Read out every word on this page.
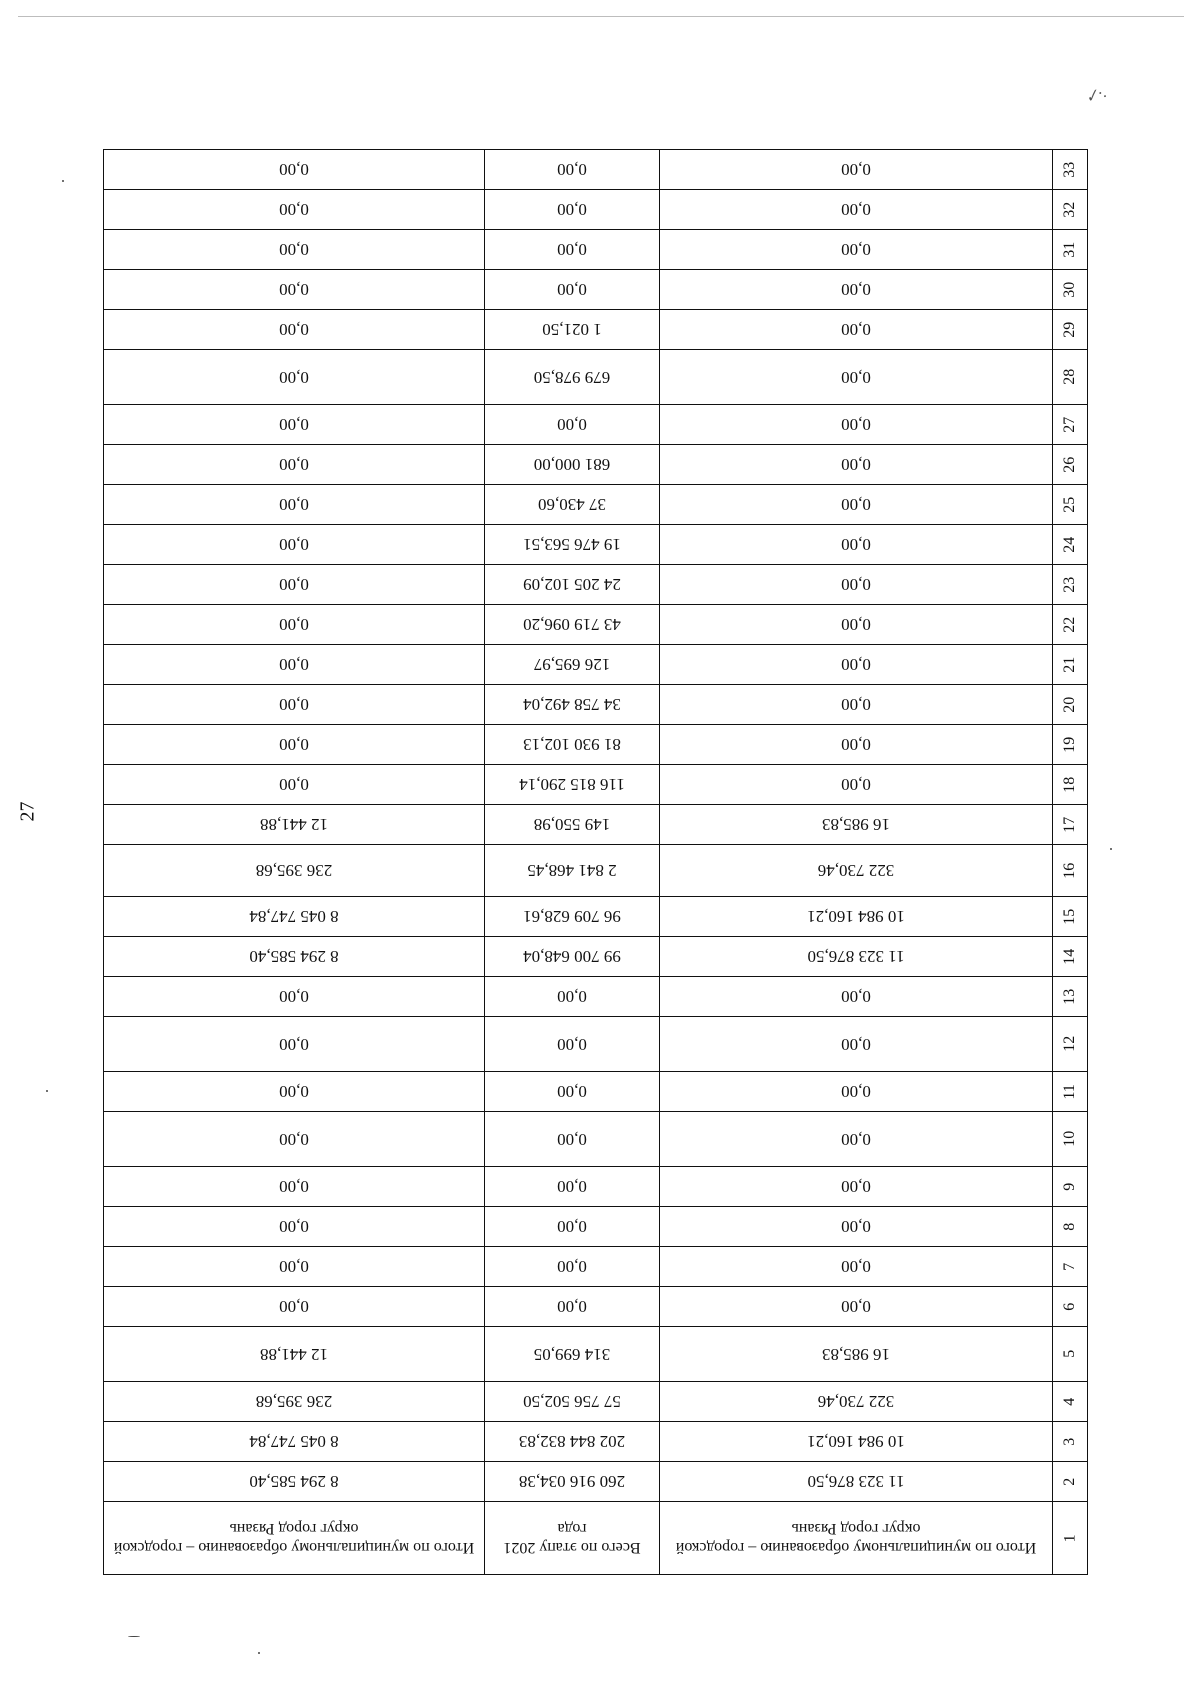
27
✓·.
1	Итого по муниципальному образованию – городской округ город Рязань	Всего по этапу 2021 года	Итого по муниципальному образованию – городской округ город Рязань
2	11 323 876,50	260 916 034,38	8 294 585,40
3	10 984 160,21	202 844 832,83	8 045 747,84
4	322 730,46	57 756 502,50	236 395,68
5	16 985,83	314 699,05	12 441,88
6	0,00	0,00	0,00
7	0,00	0,00	0,00
8	0,00	0,00	0,00
9	0,00	0,00	0,00
10	0,00	0,00	0,00
11	0,00	0,00	0,00
12	0,00	0,00	0,00
13	0,00	0,00	0,00
14	11 323 876,50	99 700 648,04	8 294 585,40
15	10 984 160,21	96 709 628,61	8 045 747,84
16	322 730,46	2 841 468,45	236 395,68
17	16 985,83	149 550,98	12 441,88
18	0,00	116 815 290,14	0,00
19	0,00	81 930 102,13	0,00
20	0,00	34 758 492,04	0,00
21	0,00	126 695,97	0,00
22	0,00	43 719 096,20	0,00
23	0,00	24 205 102,09	0,00
24	0,00	19 476 563,51	0,00
25	0,00	37 430,60	0,00
26	0,00	681 000,00	0,00
27	0,00	0,00	0,00
28	0,00	679 978,50	0,00
29	0,00	1 021,50	0,00
30	0,00	0,00	0,00
31	0,00	0,00	0,00
32	0,00	0,00	0,00
33	0,00	0,00	0,00
